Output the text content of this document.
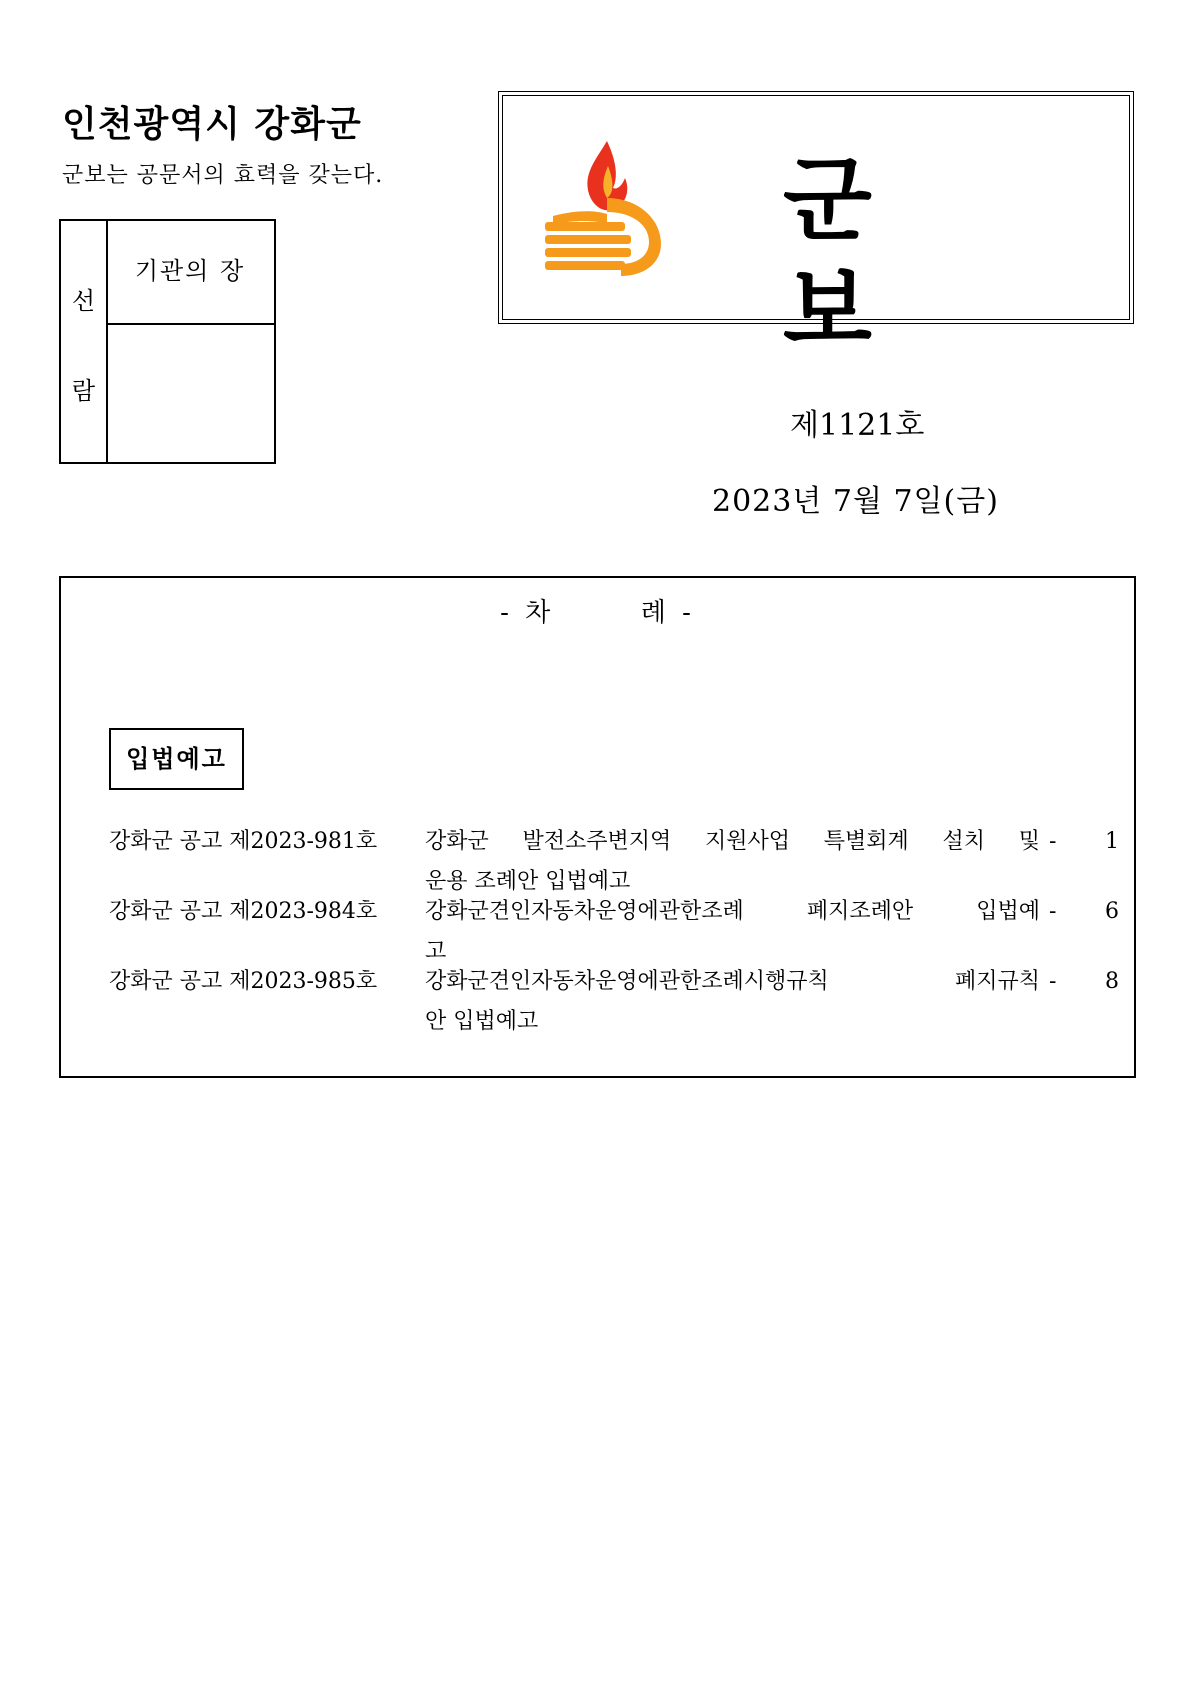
인천광역시 강화군
군보는 공문서의 효력을 갖는다.
선
람
기관의 장
군 보
제1121호
2023년 7월 7일(금)
- 차	례 -
입법예고
강화군 공고 제2023-981호 강화군 발전소주변지역 지원사업 특별회계 설치 및
운용 조례안 입법예고
- 1
강화군 공고 제2023-984호 강화군견인자동차운영에관한조례 폐지조례안 입법예
고
- 6
강화군 공고 제2023-985호 강화군견인자동차운영에관한조례시행규칙 폐지규칙
안 입법예고
- 8
